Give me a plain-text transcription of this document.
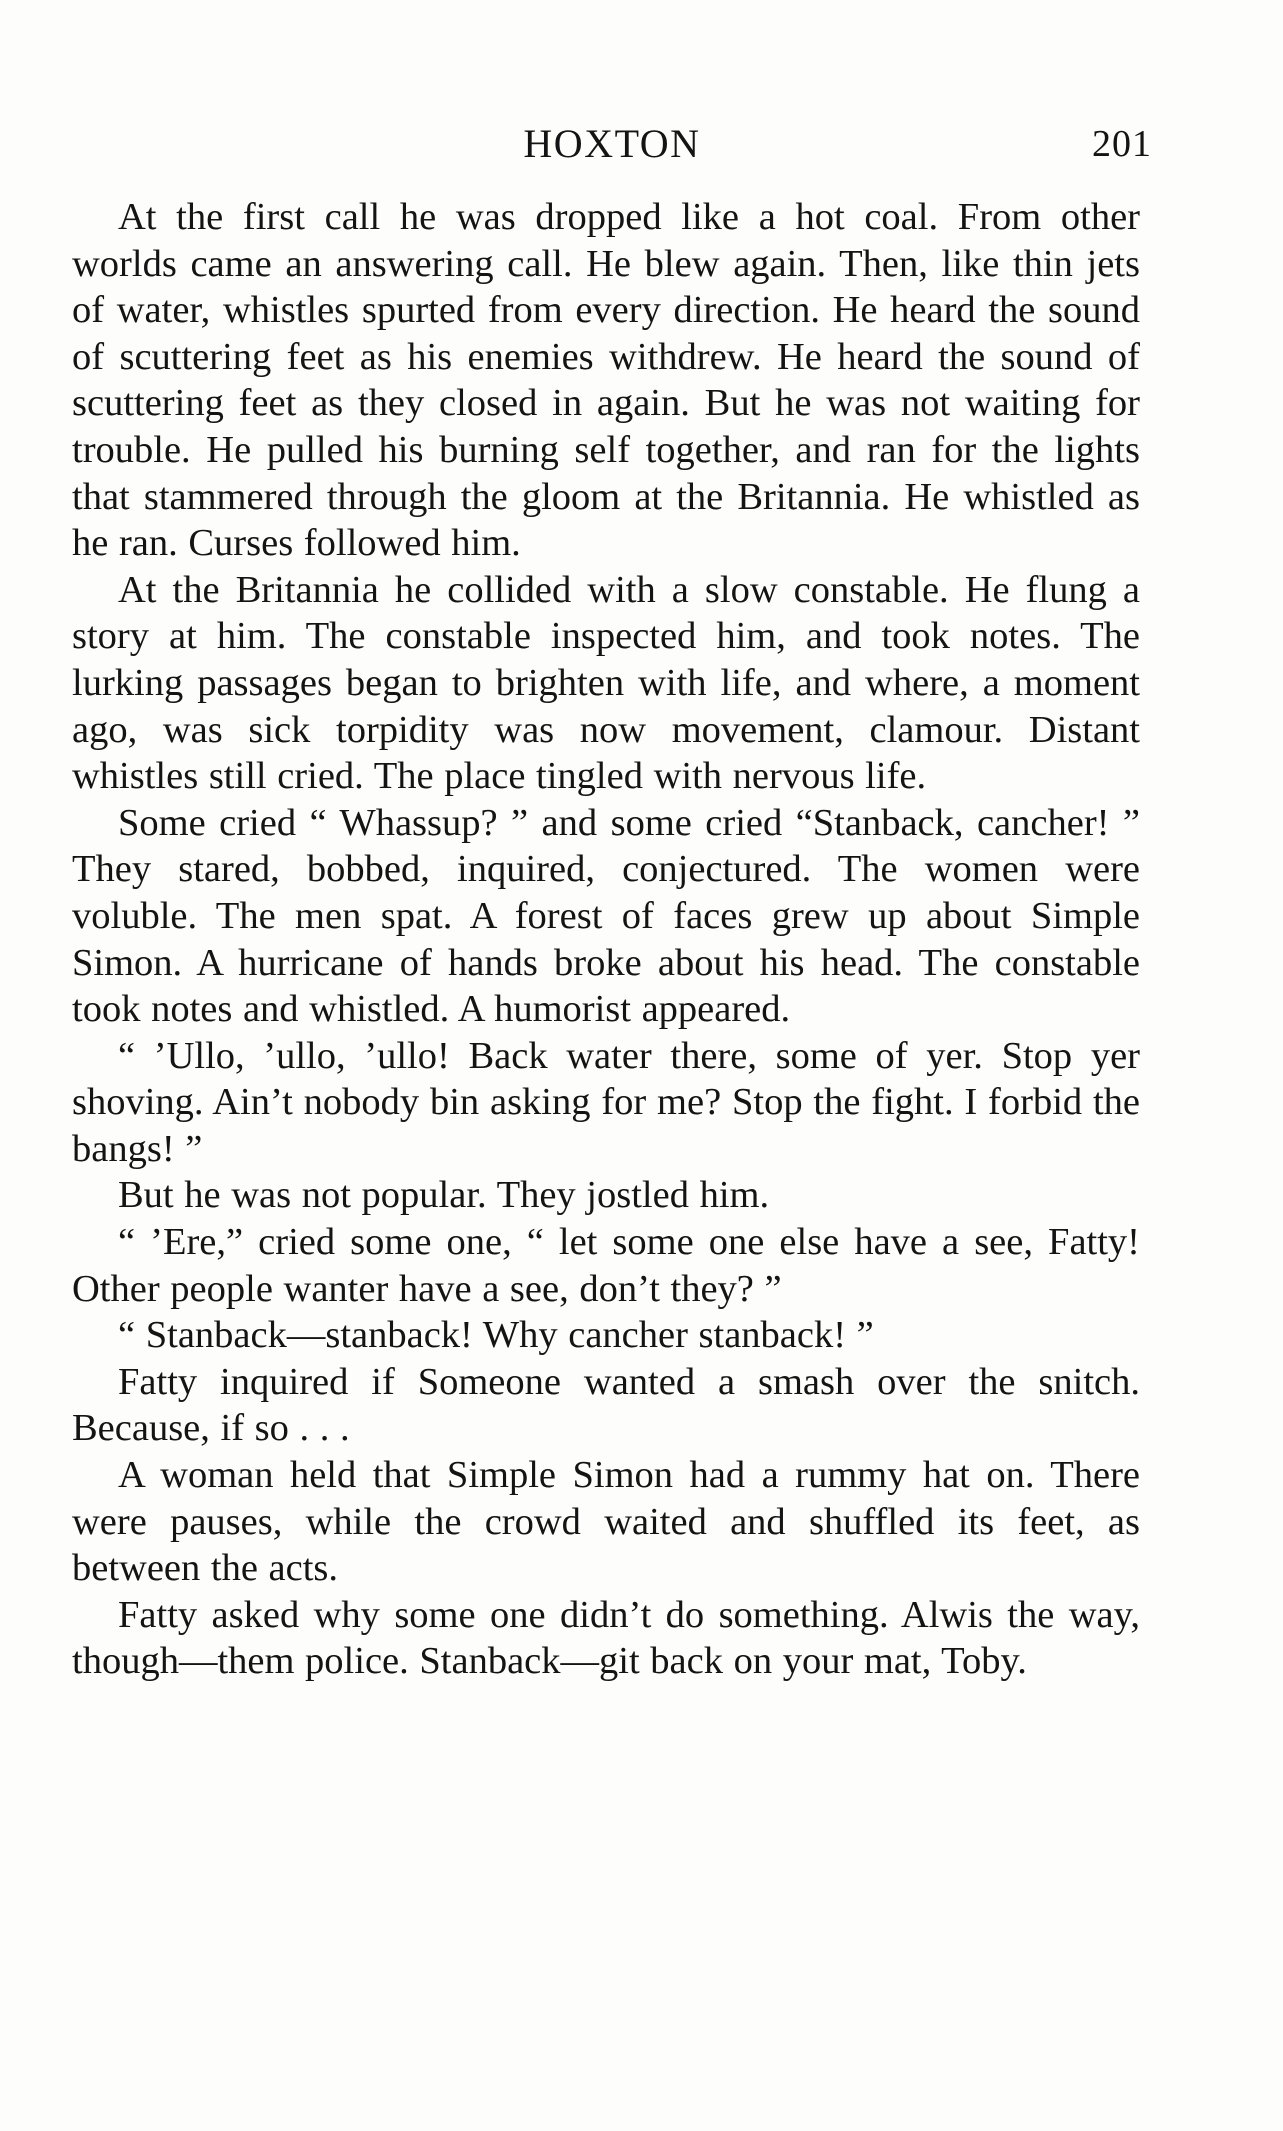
HOXTON	201

At the first call he was dropped like a hot coal. From other worlds came an answering call. He blew again. Then, like thin jets of water, whistles spurted from every direction. He heard the sound of scuttering feet as his enemies withdrew. He heard the sound of scuttering feet as they closed in again. But he was not waiting for trouble. He pulled his burning self together, and ran for the lights that stammered through the gloom at the Britannia. He whistled as he ran. Curses followed him.

At the Britannia he collided with a slow constable. He flung a story at him. The constable inspected him, and took notes. The lurking passages began to brighten with life, and where, a moment ago, was sick torpidity was now movement, clamour. Distant whistles still cried. The place tingled with nervous life.

Some cried “ Whassup? ” and some cried “Stanback, cancher! ” They stared, bobbed, inquired, conjectured. The women were voluble. The men spat. A forest of faces grew up about Simple Simon. A hurricane of hands broke about his head. The constable took notes and whistled. A humorist appeared.

“ ’Ullo, ’ullo, ’ullo! Back water there, some of yer. Stop yer shoving. Ain’t nobody bin asking for me? Stop the fight. I forbid the bangs! ”

But he was not popular. They jostled him.

“ ’Ere,” cried some one, “ let some one else have a see, Fatty! Other people wanter have a see, don’t they? ”

“ Stanback—stanback! Why cancher stanback! ”

Fatty inquired if Someone wanted a smash over the snitch. Because, if so . . .

A woman held that Simple Simon had a rummy hat on. There were pauses, while the crowd waited and shuffled its feet, as between the acts.

Fatty asked why some one didn’t do something. Alwis the way, though—them police. Stanback—git back on your mat, Toby.
